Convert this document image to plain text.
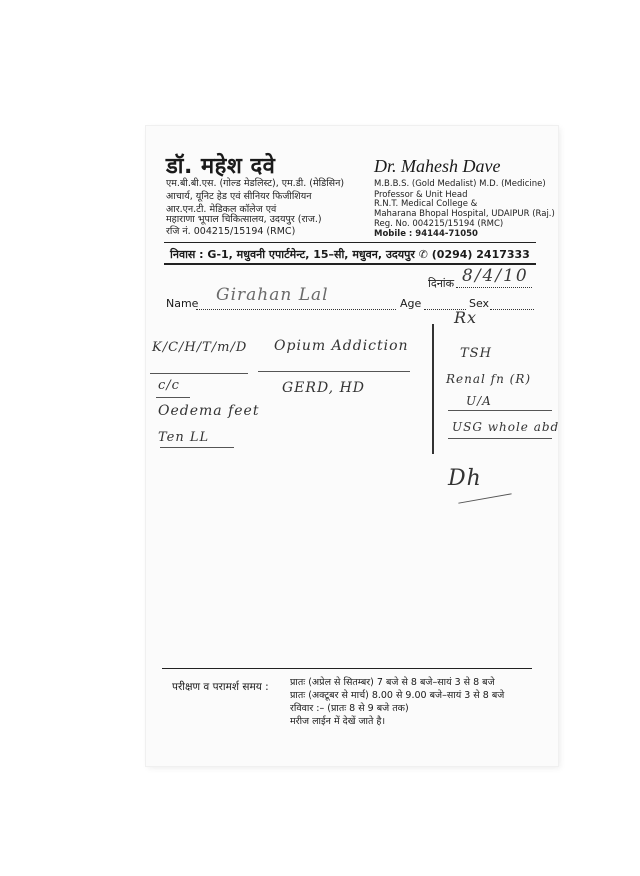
डॉ. महेश दवे	Dr. Mahesh Dave
एम.बी.बी.एस. (गोल्ड मेडलिस्ट), एम.डी. (मेडिसिन)
आचार्य, यूनिट हेड एवं सीनियर फिजीशियन
आर.एन.टी. मेडिकल कॉलेज एवं
महाराणा भूपाल चिकित्सालय, उदयपुर (राज.)
रजि नं. 004215/15194 (RMC)
M.B.B.S. (Gold Medalist) M.D. (Medicine)
Professor & Unit Head
R.N.T. Medical College &
Maharana Bhopal Hospital, UDAIPUR (Raj.)
Reg. No. 004215/15194 (RMC)
Mobile : 94144-71050
निवास : G-1, मधुवनी एपार्टमेन्ट, 15–सी, मधुवन, उदयपुर ✆ (0294) 2417333
दिनांक 8/4/10
Name Girahan Lal	Age	Sex
K/C/H/T/m/D
c/c
Oedema feet
Ten LL
Opium Addiction
GERD, HD
Rx
TSH
Renal fn (R)
U/A
USG whole abd
Dh
परीक्षण व परामर्श समय : प्रातः (अप्रेल से सितम्बर) 7 बजे से 8 बजे–सायं 3 से 8 बजे
प्रातः (अक्टूबर से मार्च) 8.00 से 9.00 बजे–सायं 3 से 8 बजे
रविवार :– (प्रातः 8 से 9 बजे तक)
मरीज लाईन में देखें जाते है।
